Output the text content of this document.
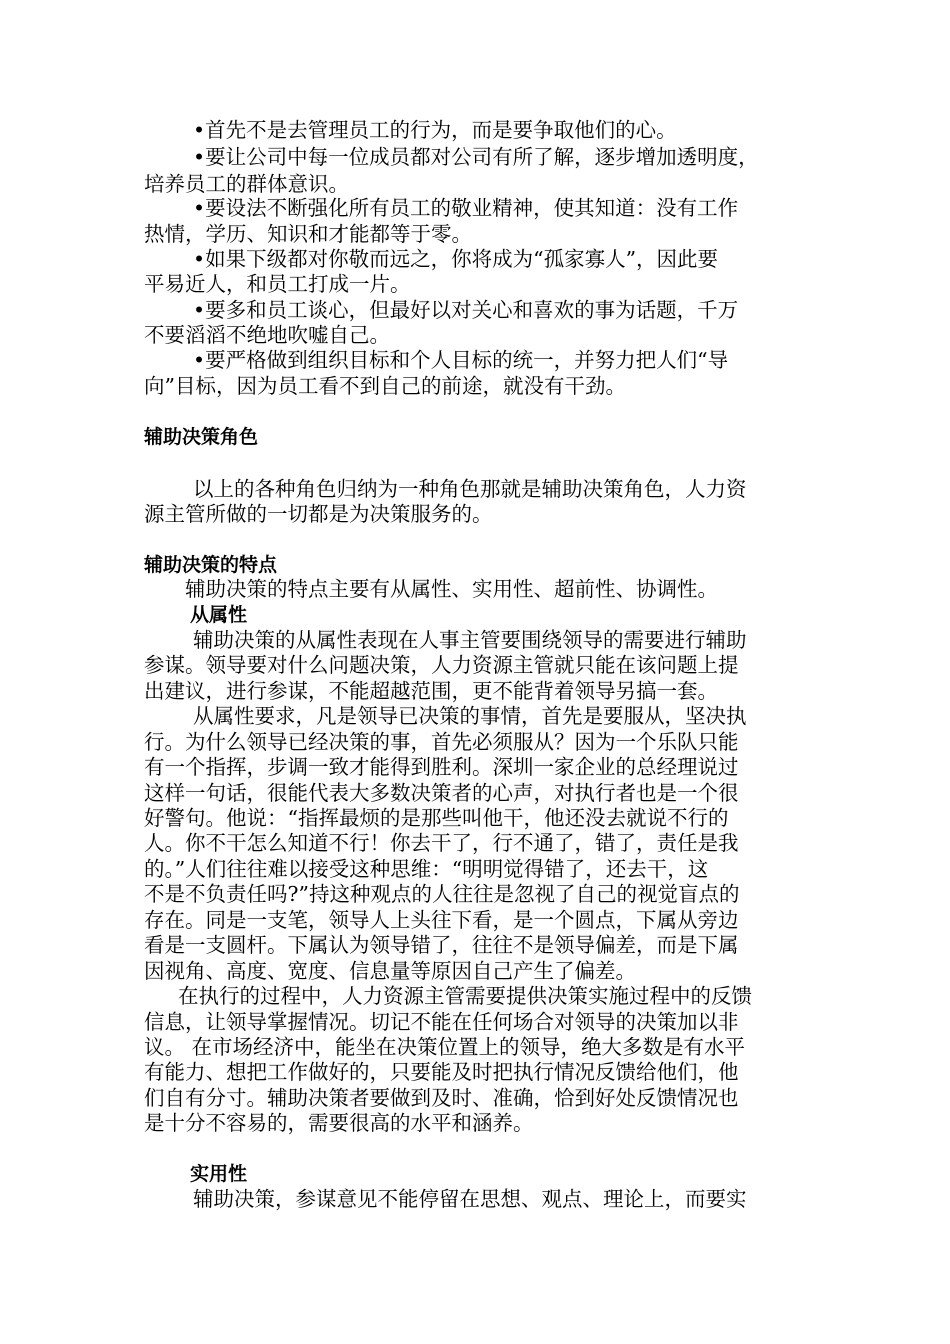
•首先不是去管理员工的行为，而是要争取他们的心。
•要让公司中每一位成员都对公司有所了解，逐步增加透明度，
培养员工的群体意识。
•要设法不断强化所有员工的敬业精神，使其知道：没有工作
热情，学历、知识和才能都等于零。
•如果下级都对你敬而远之，你将成为“孤家寡人”，因此要
平易近人，和员工打成一片。
•要多和员工谈心，但最好以对关心和喜欢的事为话题，千万
不要滔滔不绝地吹嘘自己。
•要严格做到组织目标和个人目标的统一，并努力把人们“导
向”目标，因为员工看不到自己的前途，就没有干劲。
辅助决策角色
以上的各种角色归纳为一种角色那就是辅助决策角色，人力资
源主管所做的一切都是为决策服务的。
辅助决策的特点
辅助决策的特点主要有从属性、实用性、超前性、协调性。
从属性
辅助决策的从属性表现在人事主管要围绕领导的需要进行辅助
参谋。领导要对什么问题决策，人力资源主管就只能在该问题上提
出建议，进行参谋，不能超越范围，更不能背着领导另搞一套。
从属性要求，凡是领导已决策的事情，首先是要服从，坚决执
行。为什么领导已经决策的事，首先必须服从？因为一个乐队只能
有一个指挥，步调一致才能得到胜利。深圳一家企业的总经理说过
这样一句话，很能代表大多数决策者的心声，对执行者也是一个很
好警句。他说：“指挥最烦的是那些叫他干，他还没去就说不行的
人。你不干怎么知道不行！你去干了，行不通了，错了，责任是我
的。”人们往往难以接受这种思维：“明明觉得错了，还去干，这
不是不负责任吗?”持这种观点的人往往是忽视了自己的视觉盲点的
存在。同是一支笔，领导人上头往下看，是一个圆点，下属从旁边
看是一支圆杆。下属认为领导错了，往往不是领导偏差，而是下属
因视角、高度、宽度、信息量等原因自己产生了偏差。
在执行的过程中，人力资源主管需要提供决策实施过程中的反馈
信息，让领导掌握情况。切记不能在任何场合对领导的决策加以非
议。 在市场经济中，能坐在决策位置上的领导，绝大多数是有水平
有能力、想把工作做好的，只要能及时把执行情况反馈给他们，他
们自有分寸。辅助决策者要做到及时、准确，恰到好处反馈情况也
是十分不容易的，需要很高的水平和涵养。
实用性
辅助决策，参谋意见不能停留在思想、观点、理论上，而要实
